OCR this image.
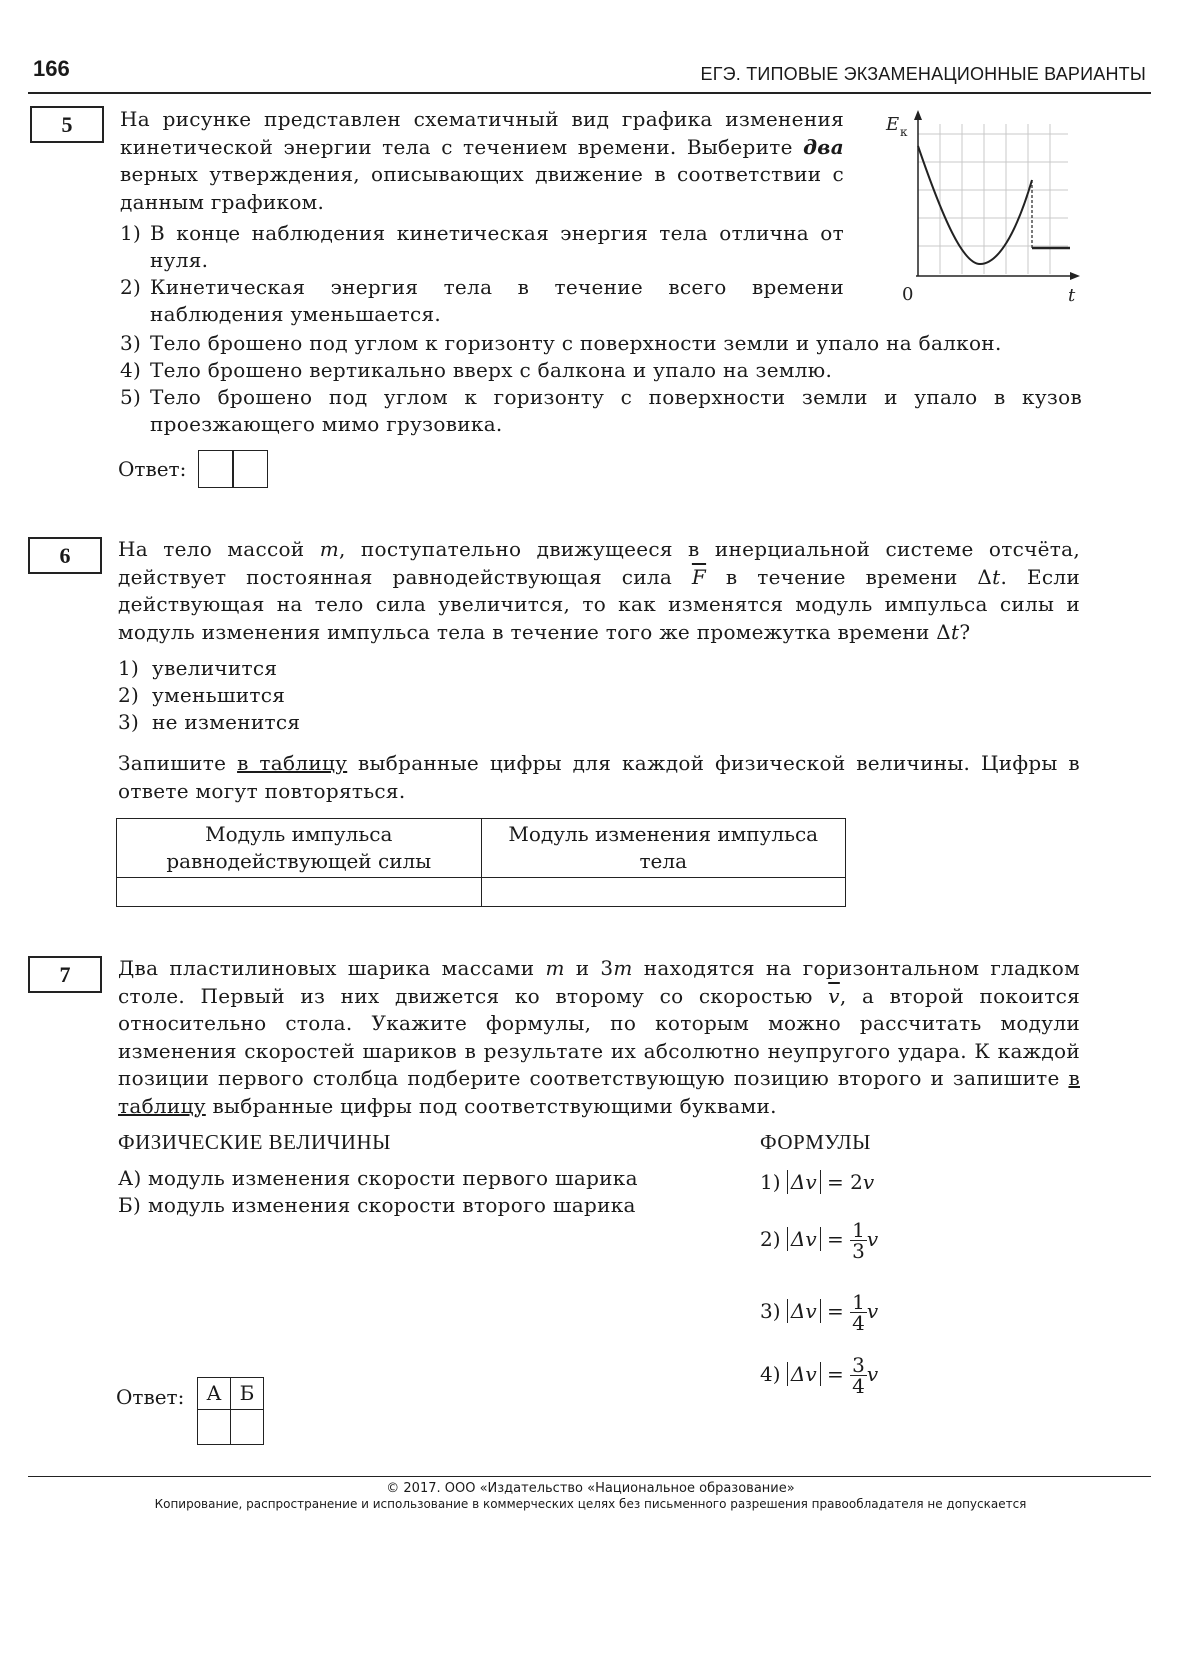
166	ЕГЭ. ТИПОВЫЕ ЭКЗАМЕНАЦИОННЫЕ ВАРИАНТЫ
5	На рисунке представлен схематичный вид графика изменения кинетической энергии тела с течением времени. Выберите два верных утверждения, описывающих движение в соответствии с данным графиком.
1) В конце наблюдения кинетическая энергия тела отлична от нуля.
2) Кинетическая энергия тела в течение всего времени наблюдения уменьшается.
3) Тело брошено под углом к горизонту с поверхности земли и упало на балкон.
4) Тело брошено вертикально вверх с балкона и упало на землю.
5) Тело брошено под углом к горизонту с поверхности земли и упало в кузов проезжающего мимо грузовика.
E к
0	t
Ответ:
6	На тело массой m, поступательно движущееся в инерциальной системе отсчёта, действует постоянная равнодействующая сила $\overline{F}$ в течение времени Δt. Если действующая на тело сила увеличится, то как изменятся модуль импульса силы и модуль изменения импульса тела в течение того же промежутка времени Δt?
1) увеличится
2) уменьшится
3) не изменится
Запишите в таблицу выбранные цифры для каждой физической величины. Цифры в ответе могут повторяться.
Модуль импульса равнодействующей силы	Модуль изменения импульса тела

7	Два пластилиновых шарика массами m и 3m находятся на горизонтальном гладком столе. Первый из них движется ко второму со скоростью $\overline{v}$, а второй покоится относительно стола. Укажите формулы, по которым можно рассчитать модули изменения скоростей шариков в результате их абсолютно неупругого удара. К каждой позиции первого столбца подберите соответствующую позицию второго и запишите в таблицу выбранные цифры под соответствующими буквами.
ФИЗИЧЕСКИЕ ВЕЛИЧИНЫ	ФОРМУЛЫ
А) модуль изменения скорости первого шарика
Б) модуль изменения скорости второго шарика
1) Δv = 2v
2) $\Delta v = \frac{1}{3}$ v
3) $\Delta v = \frac{1}{4}$ v
4) $\Delta v = \frac{3}{4}$ v
Ответ: А	Б

© 2017. ООО «Издательство «Национальное образование»
Копирование, распространение и использование в коммерческих целях без письменного разрешения правообладателя не допускается
